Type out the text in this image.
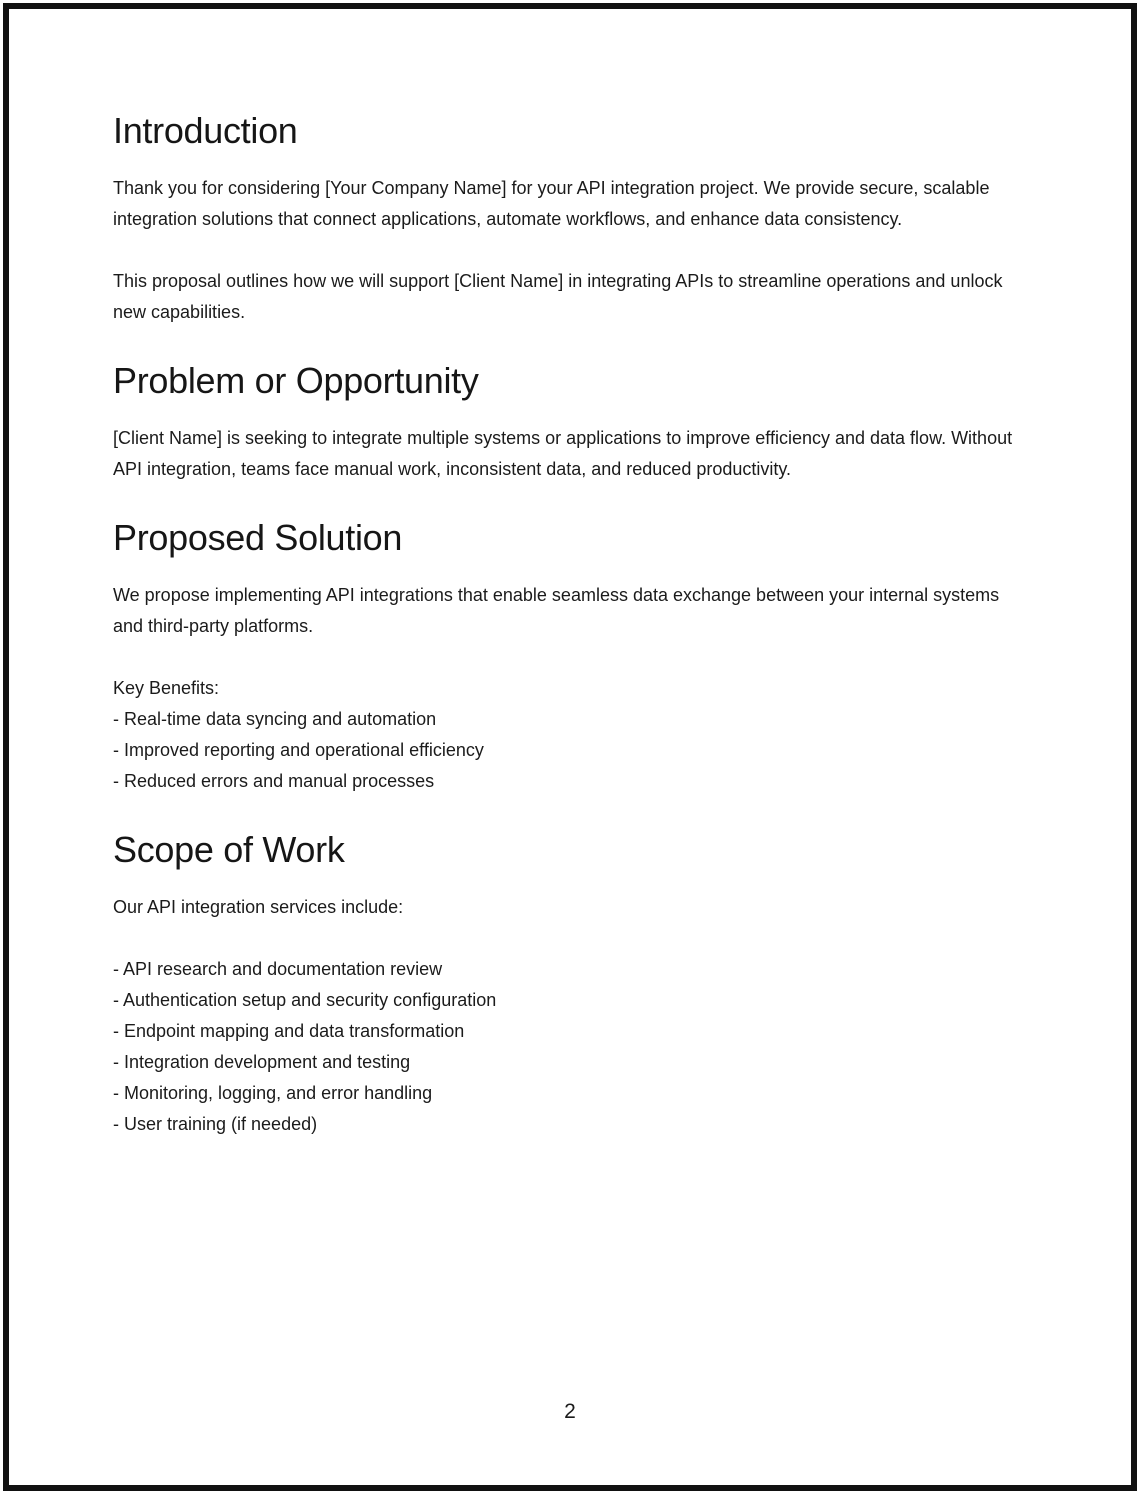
Introduction

Thank you for considering [Your Company Name] for your API integration project. We provide secure, scalable integration solutions that connect applications, automate workflows, and enhance data consistency.

This proposal outlines how we will support [Client Name] in integrating APIs to streamline operations and unlock new capabilities.

Problem or Opportunity

[Client Name] is seeking to integrate multiple systems or applications to improve efficiency and data flow. Without API integration, teams face manual work, inconsistent data, and reduced productivity.

Proposed Solution

We propose implementing API integrations that enable seamless data exchange between your internal systems and third-party platforms.

Key Benefits:
- Real-time data syncing and automation
- Improved reporting and operational efficiency
- Reduced errors and manual processes
Scope of Work

Our API integration services include:

- API research and documentation review
- Authentication setup and security configuration
- Endpoint mapping and data transformation
- Integration development and testing
- Monitoring, logging, and error handling
- User training (if needed)
2
